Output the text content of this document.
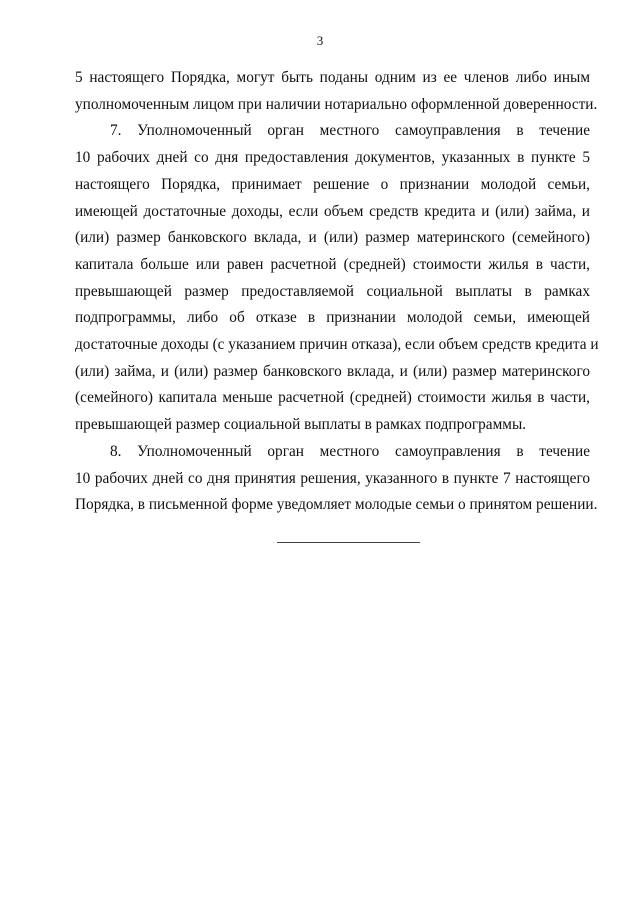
3
5 настоящего Порядка, могут быть поданы одним из ее членов либо иным
уполномоченным лицом при наличии нотариально оформленной доверенности.
7. Уполномоченный орган местного самоуправления в течение
10 рабочих дней со дня предоставления документов, указанных в пункте 5
настоящего Порядка, принимает решение о признании молодой семьи,
имеющей достаточные доходы, если объем средств кредита и (или) займа, и
(или) размер банковского вклада, и (или) размер материнского (семейного)
капитала больше или равен расчетной (средней) стоимости жилья в части,
превышающей размер предоставляемой социальной выплаты в рамках
подпрограммы, либо об отказе в признании молодой семьи, имеющей
достаточные доходы (с указанием причин отказа), если объем средств кредита и
(или) займа, и (или) размер банковского вклада, и (или) размер материнского
(семейного) капитала меньше расчетной (средней) стоимости жилья в части,
превышающей размер социальной выплаты в рамках подпрограммы.
8. Уполномоченный орган местного самоуправления в течение
10 рабочих дней со дня принятия решения, указанного в пункте 7 настоящего
Порядка, в письменной форме уведомляет молодые семьи о принятом решении.
